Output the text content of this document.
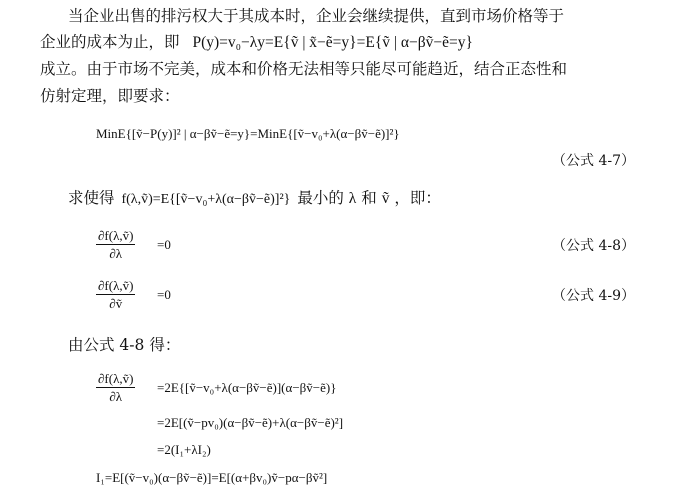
当企业出售的排污权大于其成本时，企业会继续提供，直到市场价格等于
企业的成本为止，即 P(y)=v₀−λy=E{ṽ | x̃−ẽ=y}=E{ṽ | α−βṽ−ẽ=y}
成立。由于市场不完美，成本和价格无法相等只能尽可能趋近，结合正态性和
仿射定理，即要求：
MinE{[ṽ−P(y)]² | α−βṽ−ẽ=y}=MinE{[ṽ−v₀+λ(α−βṽ−ẽ)]²}
（公式 4-7）
求使得 f(λ,ṽ)=E{[ṽ−v₀+λ(α−βṽ−ẽ)]²} 最小的 λ 和 ṽ ，即：
∂f(λ,ṽ)
∂λ
=0	（公式 4-8）
∂f(λ,ṽ)
∂ṽ
=0	（公式 4-9）
由公式 4-8 得：
∂f(λ,ṽ)
∂λ
=2E{[ṽ−v₀+λ(α−βṽ−ẽ)](α−βṽ−ẽ)}
=2E[(ṽ−pv₀)(α−βṽ−ẽ)+λ(α−βṽ−ẽ)²]
=2(I₁+λI₂)
I₁=E[(ṽ−v₀)(α−βṽ−ẽ)]=E[(α+βv₀)ṽ−pα−βṽ²]
